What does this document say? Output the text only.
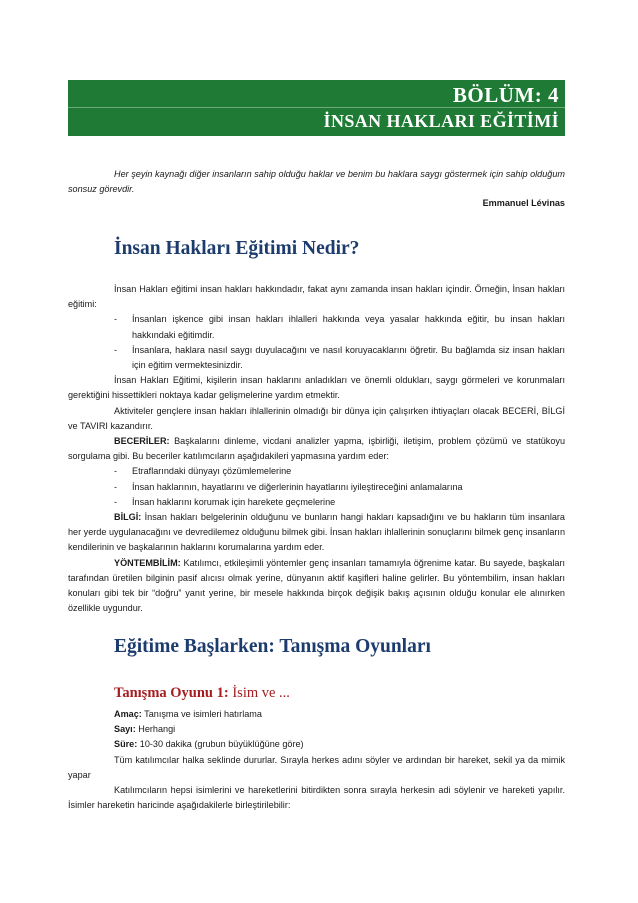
BÖLÜM: 4
İNSAN HAKLARI EĞİTİMİ
Her şeyin kaynağı diğer insanların sahip olduğu haklar ve benim bu haklara saygı göstermek için sahip olduğum sonsuz görevdir.
Emmanuel Lévinas
İnsan Hakları Eğitimi Nedir?

İnsan Hakları eğitimi insan hakları hakkındadır, fakat aynı zamanda insan hakları içindir. Örneğin, İnsan hakları eğitimi:

- İnsanları işkence gibi insan hakları ihlalleri hakkında veya yasalar hakkında eğitir, bu insan hakları hakkındaki eğitimdir.

- İnsanlara, haklara nasıl saygı duyulacağını ve nasıl koruyacaklarını öğretir. Bu bağlamda siz insan hakları için eğitim vermektesinizdir.

İnsan Hakları Eğitimi, kişilerin insan haklarını anladıkları ve önemli oldukları, saygı görmeleri ve korunmaları gerektiğini hissettikleri noktaya kadar gelişmelerine yardım etmektir.

Aktiviteler gençlere insan hakları ihlallerinin olmadığı bir dünya için çalışırken ihtiyaçları olacak BECERİ, BİLGİ ve TAVIRI kazandırır.

BECERİLER: Başkalarını dinleme, vicdani analizler yapma, işbirliği, iletişim, problem çözümü ve statükoyu sorgulama gibi. Bu beceriler katılımcıların aşağıdakileri yapmasına yardım eder:

- Etraflarındaki dünyayı çözümlemelerine

- İnsan haklarının, hayatlarını ve diğerlerinin hayatlarını iyileştireceğini anlamalarına

- İnsan haklarını korumak için harekete geçmelerine

BİLGİ: İnsan hakları belgelerinin olduğunu ve bunların hangi hakları kapsadığını ve bu hakların tüm insanlara her yerde uygulanacağını ve devredilemez olduğunu bilmek gibi. İnsan hakları ihlallerinin sonuçlarını bilmek genç insanların kendilerinin ve başkalarının haklarını korumalarına yardım eder.

YÖNTEMBİLİM: Katılımcı, etkileşimli yöntemler genç insanları tamamıyla öğrenime katar. Bu sayede, başkaları tarafından üretilen bilginin pasif alıcısı olmak yerine, dünyanın aktif kaşifleri haline gelirler. Bu yöntembilim, insan hakları konuları gibi tek bir “doğru” yanıt yerine, bir mesele hakkında birçok değişik bakış açısının olduğu konular ele alınırken özellikle uygundur.

Eğitime Başlarken: Tanışma Oyunları
Tanışma Oyunu 1: İsim ve ...

Amaç: Tanışma ve isimleri hatırlama

Sayı: Herhangi

Süre: 10-30 dakika (grubun büyüklüğüne göre)

Tüm katılımcılar halka seklinde dururlar. Sırayla herkes adını söyler ve ardından bir hareket, sekil ya da mimik yapar

Katılımcıların hepsi isimlerini ve hareketlerini bitirdikten sonra sırayla herkesin adi söylenir ve hareketi yapılır. İsimler hareketin haricinde aşağıdakilerle birleştirilebilir:
